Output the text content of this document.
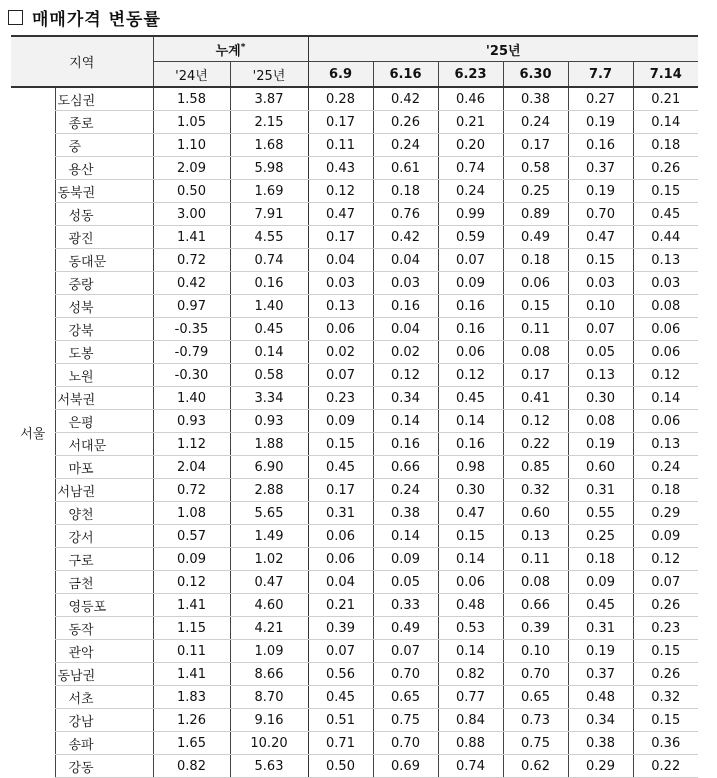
매매가격 변동률
지역		누계*		'25년					
		'24년	'25년	6.9	6.16	6.23	6.30	7.7	7.14
서울	도심권	1.58	3.87	0.28	0.42	0.46	0.38	0.27	0.21
	종로	1.05	2.15	0.17	0.26	0.21	0.24	0.19	0.14
	중	1.10	1.68	0.11	0.24	0.20	0.17	0.16	0.18
	용산	2.09	5.98	0.43	0.61	0.74	0.58	0.37	0.26
	동북권	0.50	1.69	0.12	0.18	0.24	0.25	0.19	0.15
	성동	3.00	7.91	0.47	0.76	0.99	0.89	0.70	0.45
	광진	1.41	4.55	0.17	0.42	0.59	0.49	0.47	0.44
	동대문	0.72	0.74	0.04	0.04	0.07	0.18	0.15	0.13
	중랑	0.42	0.16	0.03	0.03	0.09	0.06	0.03	0.03
	성북	0.97	1.40	0.13	0.16	0.16	0.15	0.10	0.08
	강북	-0.35	0.45	0.06	0.04	0.16	0.11	0.07	0.06
	도봉	-0.79	0.14	0.02	0.02	0.06	0.08	0.05	0.06
	노원	-0.30	0.58	0.07	0.12	0.12	0.17	0.13	0.12
	서북권	1.40	3.34	0.23	0.34	0.45	0.41	0.30	0.14
	은평	0.93	0.93	0.09	0.14	0.14	0.12	0.08	0.06
	서대문	1.12	1.88	0.15	0.16	0.16	0.22	0.19	0.13
	마포	2.04	6.90	0.45	0.66	0.98	0.85	0.60	0.24
	서남권	0.72	2.88	0.17	0.24	0.30	0.32	0.31	0.18
	양천	1.08	5.65	0.31	0.38	0.47	0.60	0.55	0.29
	강서	0.57	1.49	0.06	0.14	0.15	0.13	0.25	0.09
	구로	0.09	1.02	0.06	0.09	0.14	0.11	0.18	0.12
	금천	0.12	0.47	0.04	0.05	0.06	0.08	0.09	0.07
	영등포	1.41	4.60	0.21	0.33	0.48	0.66	0.45	0.26
	동작	1.15	4.21	0.39	0.49	0.53	0.39	0.31	0.23
	관악	0.11	1.09	0.07	0.07	0.14	0.10	0.19	0.15
	동남권	1.41	8.66	0.56	0.70	0.82	0.70	0.37	0.26
	서초	1.83	8.70	0.45	0.65	0.77	0.65	0.48	0.32
	강남	1.26	9.16	0.51	0.75	0.84	0.73	0.34	0.15
	송파	1.65	10.20	0.71	0.70	0.88	0.75	0.38	0.36
	강동	0.82	5.63	0.50	0.69	0.74	0.62	0.29	0.22
